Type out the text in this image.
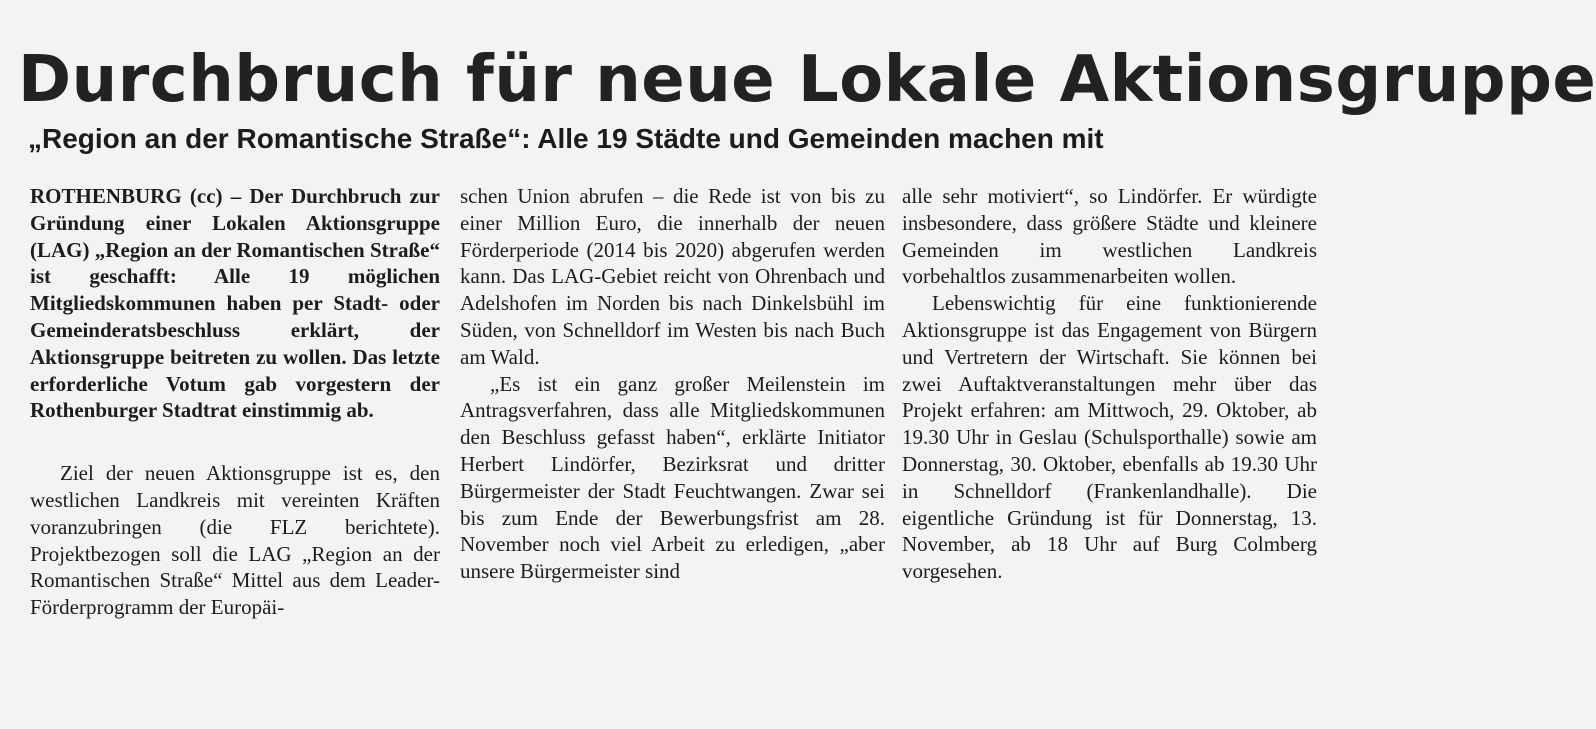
Durchbruch für neue Lokale Aktionsgruppe
„Region an der Romantische Straße“: Alle 19 Städte und Gemeinden machen mit

ROTHENBURG (cc) – Der Durchbruch zur Gründung einer Lokalen Aktionsgruppe (LAG) „Region an der Romantischen Straße“ ist geschafft: Alle 19 möglichen Mitgliedskommunen haben per Stadt- oder Gemeinderatsbeschluss erklärt, der Aktionsgruppe beitreten zu wollen. Das letzte erforderliche Votum gab vorgestern der Rothenburger Stadtrat einstimmig ab.

Ziel der neuen Aktionsgruppe ist es, den westlichen Landkreis mit vereinten Kräften voranzubringen (die FLZ berichtete). Projektbezogen soll die LAG „Region an der Romantischen Straße“ Mittel aus dem Leader-Förderprogramm der Europäi-

schen Union abrufen – die Rede ist von bis zu einer Million Euro, die innerhalb der neuen Förderperiode (2014 bis 2020) abgerufen werden kann. Das LAG-Gebiet reicht von Ohrenbach und Adelshofen im Norden bis nach Dinkelsbühl im Süden, von Schnelldorf im Westen bis nach Buch am Wald.

„Es ist ein ganz großer Meilenstein im Antragsverfahren, dass alle Mitgliedskommunen den Beschluss gefasst haben“, erklärte Initiator Herbert Lindörfer, Bezirksrat und dritter Bürgermeister der Stadt Feuchtwangen. Zwar sei bis zum Ende der Bewerbungsfrist am 28. November noch viel Arbeit zu erledigen, „aber unsere Bürgermeister sind

alle sehr motiviert“, so Lindörfer. Er würdigte insbesondere, dass größere Städte und kleinere Gemeinden im westlichen Landkreis vorbehaltlos zusammenarbeiten wollen.

Lebenswichtig für eine funktionierende Aktionsgruppe ist das Engagement von Bürgern und Vertretern der Wirtschaft. Sie können bei zwei Auftaktveranstaltungen mehr über das Projekt erfahren: am Mittwoch, 29. Oktober, ab 19.30 Uhr in Geslau (Schulsporthalle) sowie am Donnerstag, 30. Oktober, ebenfalls ab 19.30 Uhr in Schnelldorf (Frankenlandhalle). Die eigentliche Gründung ist für Donnerstag, 13. November, ab 18 Uhr auf Burg Colmberg vorgesehen.
